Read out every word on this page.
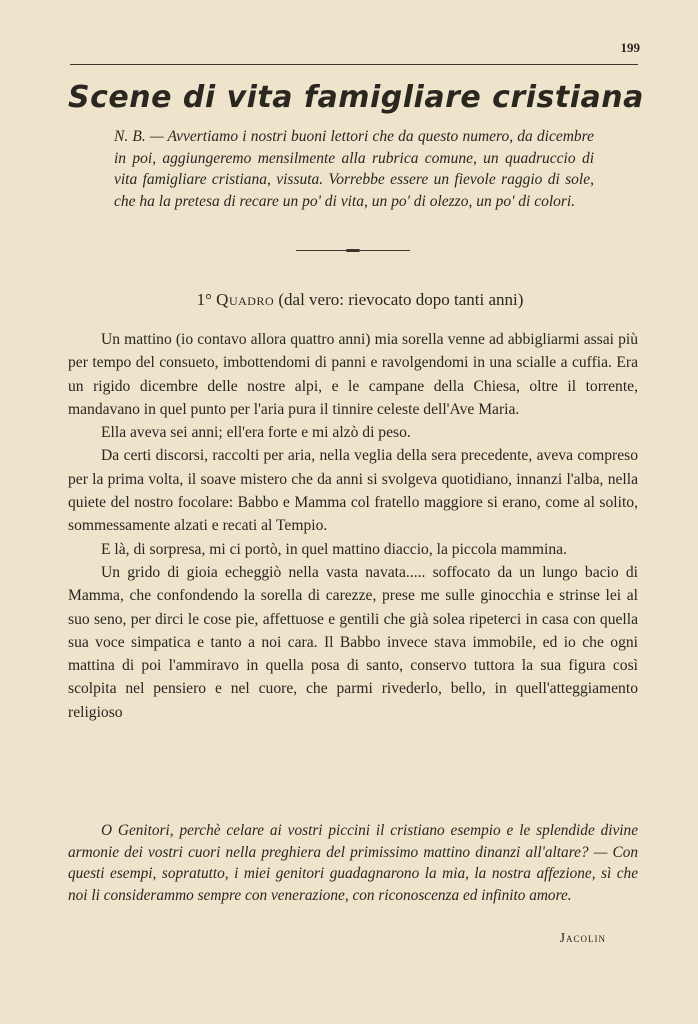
199
Scene di vita famigliare cristiana
N. B. — Avvertiamo i nostri buoni lettori che da questo numero, da dicembre in poi, aggiungeremo mensilmente alla rubrica comune, un quadruccio di vita famigliare cristiana, vissuta. Vorrebbe essere un fievole raggio di sole, che ha la pretesa di recare un po' di vita, un po' di olezzo, un po' di colori.
1° Quadro (dal vero: rievocato dopo tanti anni)

Un mattino (io contavo allora quattro anni) mia sorella venne ad abbigliarmi assai più per tempo del consueto, imbottendomi di panni e ravolgendomi in una scialle a cuffia. Era un rigido dicembre delle nostre alpi, e le campane della Chiesa, oltre il torrente, mandavano in quel punto per l'aria pura il tinnire celeste dell'Ave Maria.

Ella aveva sei anni; ell'era forte e mi alzò di peso.

Da certi discorsi, raccolti per aria, nella veglia della sera precedente, aveva compreso per la prima volta, il soave mistero che da anni si svolgeva quotidiano, innanzi l'alba, nella quiete del nostro focolare: Babbo e Mamma col fratello maggiore si erano, come al solito, sommessamente alzati e recati al Tempio.

E là, di sorpresa, mi ci portò, in quel mattino diaccio, la piccola mammina.

Un grido di gioia echeggiò nella vasta navata..... soffocato da un lungo bacio di Mamma, che confondendo la sorella di carezze, prese me sulle ginocchia e strinse lei al suo seno, per dirci le cose pie, affettuose e gentili che già solea ripeterci in casa con quella sua voce simpatica e tanto a noi cara. Il Babbo invece stava immobile, ed io che ogni mattina di poi l'ammiravo in quella posa di santo, conservo tuttora la sua figura così scolpita nel pensiero e nel cuore, che parmi rivederlo, bello, in quell'atteggiamento religioso

O Genitori, perchè celare ai vostri piccini il cristiano esempio e le splendide divine armonie dei vostri cuori nella preghiera del primissimo mattino dinanzi all'altare? — Con questi esempi, sopratutto, i miei genitori guadagnarono la mia, la nostra affezione, sì che noi li considerammo sempre con venerazione, con riconoscenza ed infinito amore.

Jacolin
